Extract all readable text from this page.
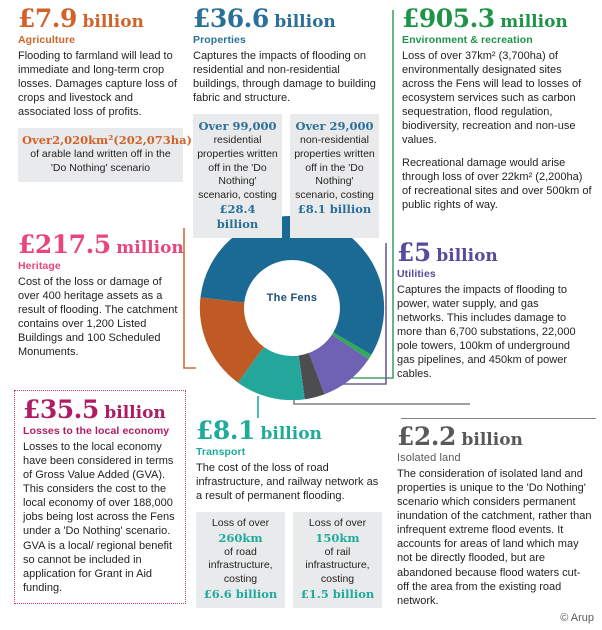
The Fens
£7.9 billion
Agriculture
Flooding to farmland will lead to immediate and long-term crop losses. Damages capture loss of crops and livestock and associated loss of profits.
Over2,020km²(202,073ha)
of arable land written off in the 'Do Nothing' scenario
£36.6 billion
Properties
Captures the impacts of flooding on residential and non-residential buildings, through damage to building fabric and structure.
Over 99,000
residential properties written off in the 'Do Nothing' scenario, costing
£28.4 billion
Over 29,000
non-residential properties written off in the 'Do Nothing' scenario, costing
£8.1 billion
£905.3 million
Environment & recreation
Loss of over 37km² (3,700ha) of environmentally designated sites across the Fens will lead to losses of ecosystem services such as carbon sequestration, flood regulation, biodiversity, recreation and non-use values.
Recreational damage would arise through loss of over 22km² (2,200ha) of recreational sites and over 500km of public rights of way.
£217.5 million
Heritage
Cost of the loss or damage of over 400 heritage assets as a result of flooding. The catchment contains over 1,200 Listed Buildings and 100 Scheduled Monuments.
£5 billion
Utilities
Captures the impacts of flooding to power, water supply, and gas networks. This includes damage to more than 6,700 substations, 22,000 pole towers, 100km of underground gas pipelines, and 450km of power cables.
£35.5 billion
Losses to the local economy
Losses to the local economy have been considered in terms of Gross Value Added (GVA). This considers the cost to the local economy of over 188,000 jobs being lost across the Fens under a 'Do Nothing' scenario. GVA is a local/ regional benefit so cannot be included in application for Grant in Aid funding.
£8.1 billion
Transport
The cost of the loss of road infrastructure, and railway network as a result of permanent flooding.
Loss of over
260km
of road infrastructure, costing
£6.6 billion
Loss of over
150km
of rail infrastructure, costing
£1.5 billion
£2.2 billion
Isolated land
The consideration of isolated land and properties is unique to the 'Do Nothing' scenario which considers permanent inundation of the catchment, rather than infrequent extreme flood events. It accounts for areas of land which may not be directly flooded, but are abandoned because flood waters cut-off the area from the existing road network.
© Arup
